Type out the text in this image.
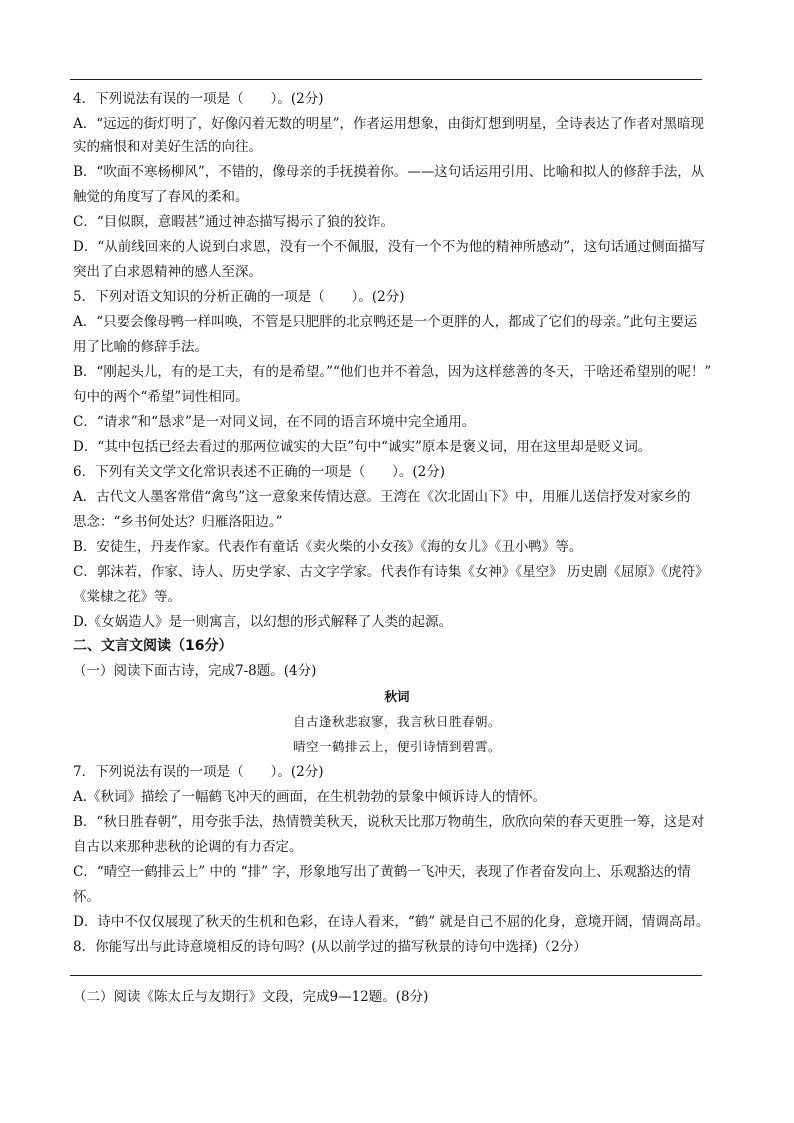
4．下列说法有误的一项是（　　）。(2分)
A．“远远的街灯明了，好像闪着无数的明星”，作者运用想象，由街灯想到明星，全诗表达了作者对黑暗现
实的痛恨和对美好生活的向往。
B．“吹面不寒杨柳风”，不错的，像母亲的手抚摸着你。——这句话运用引用、比喻和拟人的修辞手法，从
触觉的角度写了春风的柔和。
C．“目似瞑，意暇甚”通过神态描写揭示了狼的狡诈。
D．“从前线回来的人说到白求恩，没有一个不佩服，没有一个不为他的精神所感动”，这句话通过侧面描写
突出了白求恩精神的感人至深。
5．下列对语文知识的分析正确的一项是（　　）。(2分)
A．“只要会像母鸭一样叫唤，不管是只肥胖的北京鸭还是一个更胖的人，都成了它们的母亲。”此句主要运
用了比喻的修辞手法。
B．“刚起头儿，有的是工夫，有的是希望。”“他们也并不着急，因为这样慈善的冬天，干啥还希望别的呢！”
句中的两个“希望”词性相同。
C．“请求”和“恳求”是一对同义词，在不同的语言环境中完全通用。
D．“其中包括已经去看过的那两位诚实的大臣”句中“诚实”原本是褒义词，用在这里却是贬义词。
6．下列有关文学文化常识表述不正确的一项是（　　）。(2分)
A．古代文人墨客常借“禽鸟”这一意象来传情达意。王湾在《次北固山下》中，用雁儿送信抒发对家乡的
思念：“乡书何处达？归雁洛阳边。”
B．安徒生，丹麦作家。代表作有童话《卖火柴的小女孩》《海的女儿》《丑小鸭》等。
C．郭沫若，作家、诗人、历史学家、古文字学家。代表作有诗集《女神》《星空》 历史剧《屈原》《虎符》
《棠棣之花》等。
D.《女娲造人》是一则寓言，以幻想的形式解释了人类的起源。
二、文言文阅读（16分）
（一）阅读下面古诗，完成7-8题。(4分)
秋词
自古逢秋悲寂寥，我言秋日胜春朝。
晴空一鹤排云上，便引诗情到碧霄。
7．下列说法有误的一项是（　　）。(2分)
A.《秋词》描绘了一幅鹤飞冲天的画面，在生机勃勃的景象中倾诉诗人的情怀。
B．“秋日胜春朝”，用夸张手法，热情赞美秋天，说秋天比那万物萌生，欣欣向荣的春天更胜一筹，这是对
自古以来那种悲秋的论调的有力否定。
C．“晴空一鹤排云上” 中的 “排” 字，形象地写出了黄鹤一飞冲天，表现了作者奋发向上、乐观豁达的情
怀。
D．诗中不仅仅展现了秋天的生机和色彩，在诗人看来，“鹤” 就是自己不屈的化身，意境开阔，情调高昂。
8．你能写出与此诗意境相反的诗句吗？(从以前学过的描写秋景的诗句中选择)（2分）
（二）阅读《陈太丘与友期行》文段，完成9—12题。(8分)
